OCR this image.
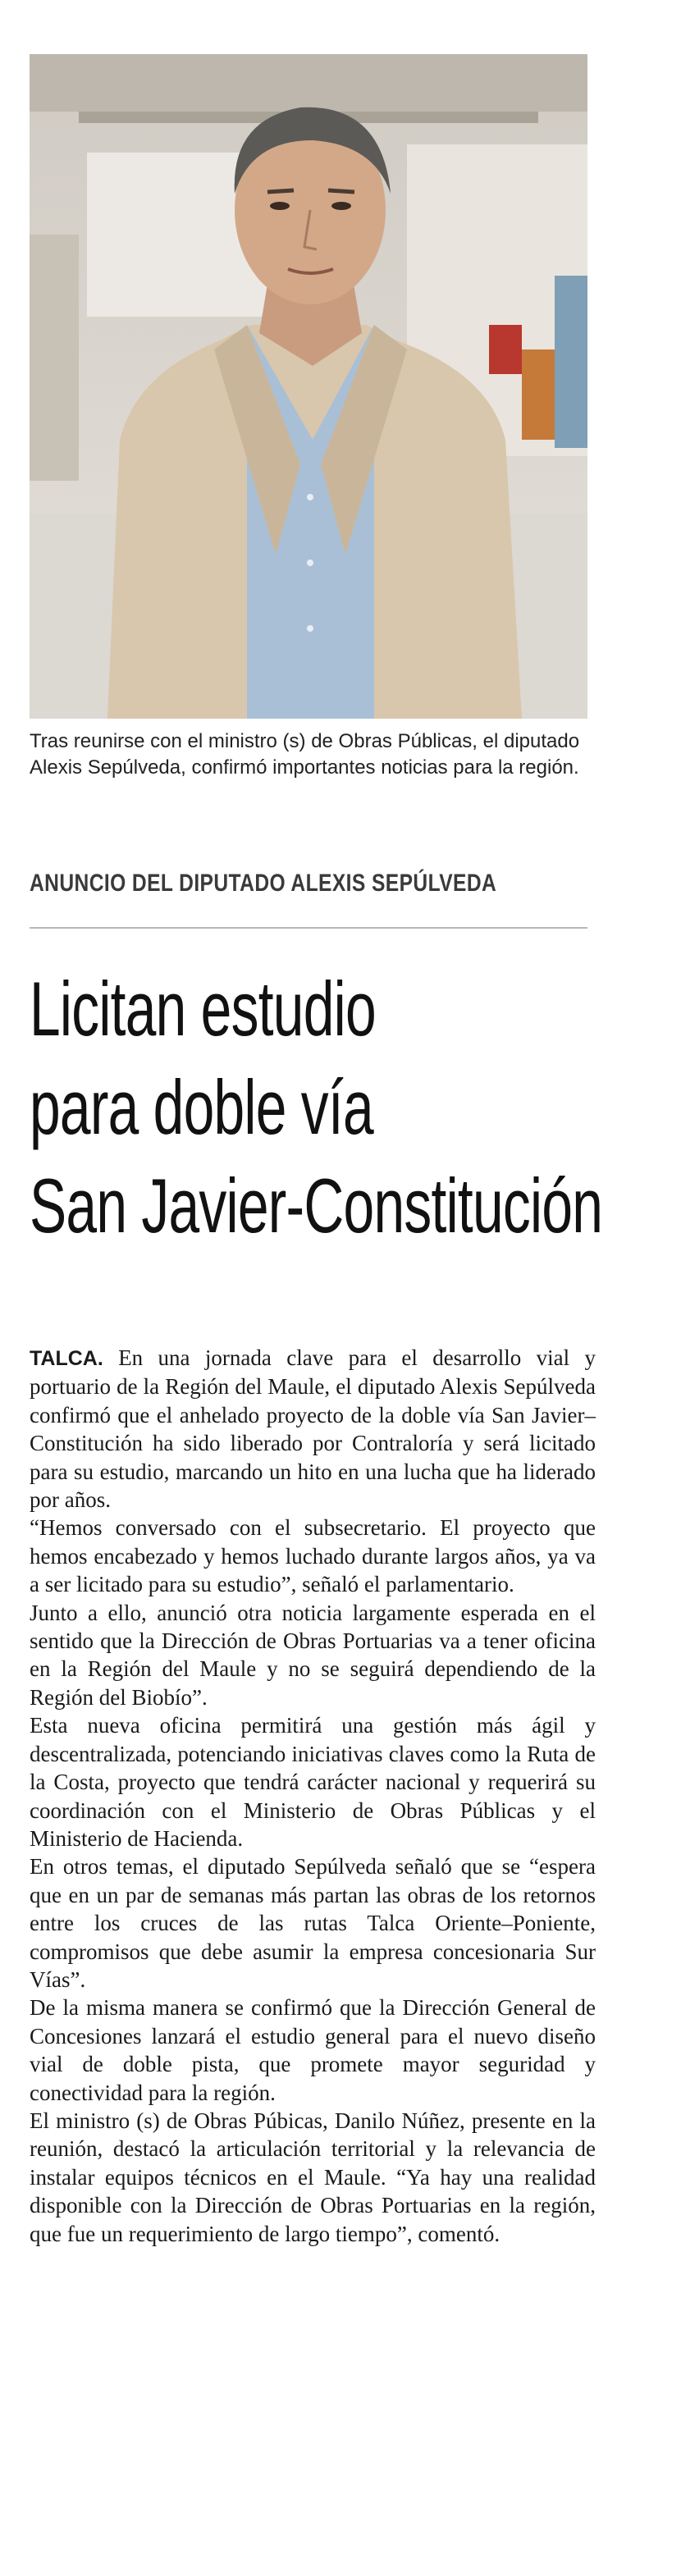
Tras reunirse con el ministro (s) de Obras Públicas, el diputado Alexis Sepúlveda, confirmó importantes noticias para la región.
ANUNCIO DEL DIPUTADO ALEXIS SEPÚLVEDA
Licitan estudio
para doble vía
San Javier-Constitución

TALCA. En una jornada clave para el desarrollo vial y portuario de la Región del Maule, el diputado Alexis Sepúlveda confirmó que el anhelado proyecto de la doble vía San Javier–Constitución ha sido liberado por Contraloría y será licitado para su estudio, marcando un hito en una lucha que ha liderado por años.

“Hemos conversado con el subsecretario. El proyecto que hemos encabezado y hemos luchado durante largos años, ya va a ser licitado para su estudio”, señaló el parlamentario.

Junto a ello, anunció otra noticia largamente esperada en el sentido que la Dirección de Obras Portuarias va a tener oficina en la Región del Maule y no se seguirá dependiendo de la Región del Biobío”.

Esta nueva oficina permitirá una gestión más ágil y descentralizada, potenciando iniciativas claves como la Ruta de la Costa, proyecto que tendrá carácter nacional y requerirá su coordinación con el Ministerio de Obras Públicas y el Ministerio de Hacienda.

En otros temas, el diputado Sepúlveda señaló que se “espera que en un par de semanas más partan las obras de los retornos entre los cruces de las rutas Talca Oriente–Poniente, compromisos que debe asumir la empresa concesionaria Sur Vías”.

De la misma manera se confirmó que la Dirección General de Concesiones lanzará el estudio general para el nuevo diseño vial de doble pista, que promete mayor seguridad y conectividad para la región.

El ministro (s) de Obras Púbicas, Danilo Núñez, presente en la reunión, destacó la articulación territorial y la relevancia de instalar equipos técnicos en el Maule. “Ya hay una realidad disponible con la Dirección de Obras Portuarias en la región, que fue un requerimiento de largo tiempo”, comentó.
